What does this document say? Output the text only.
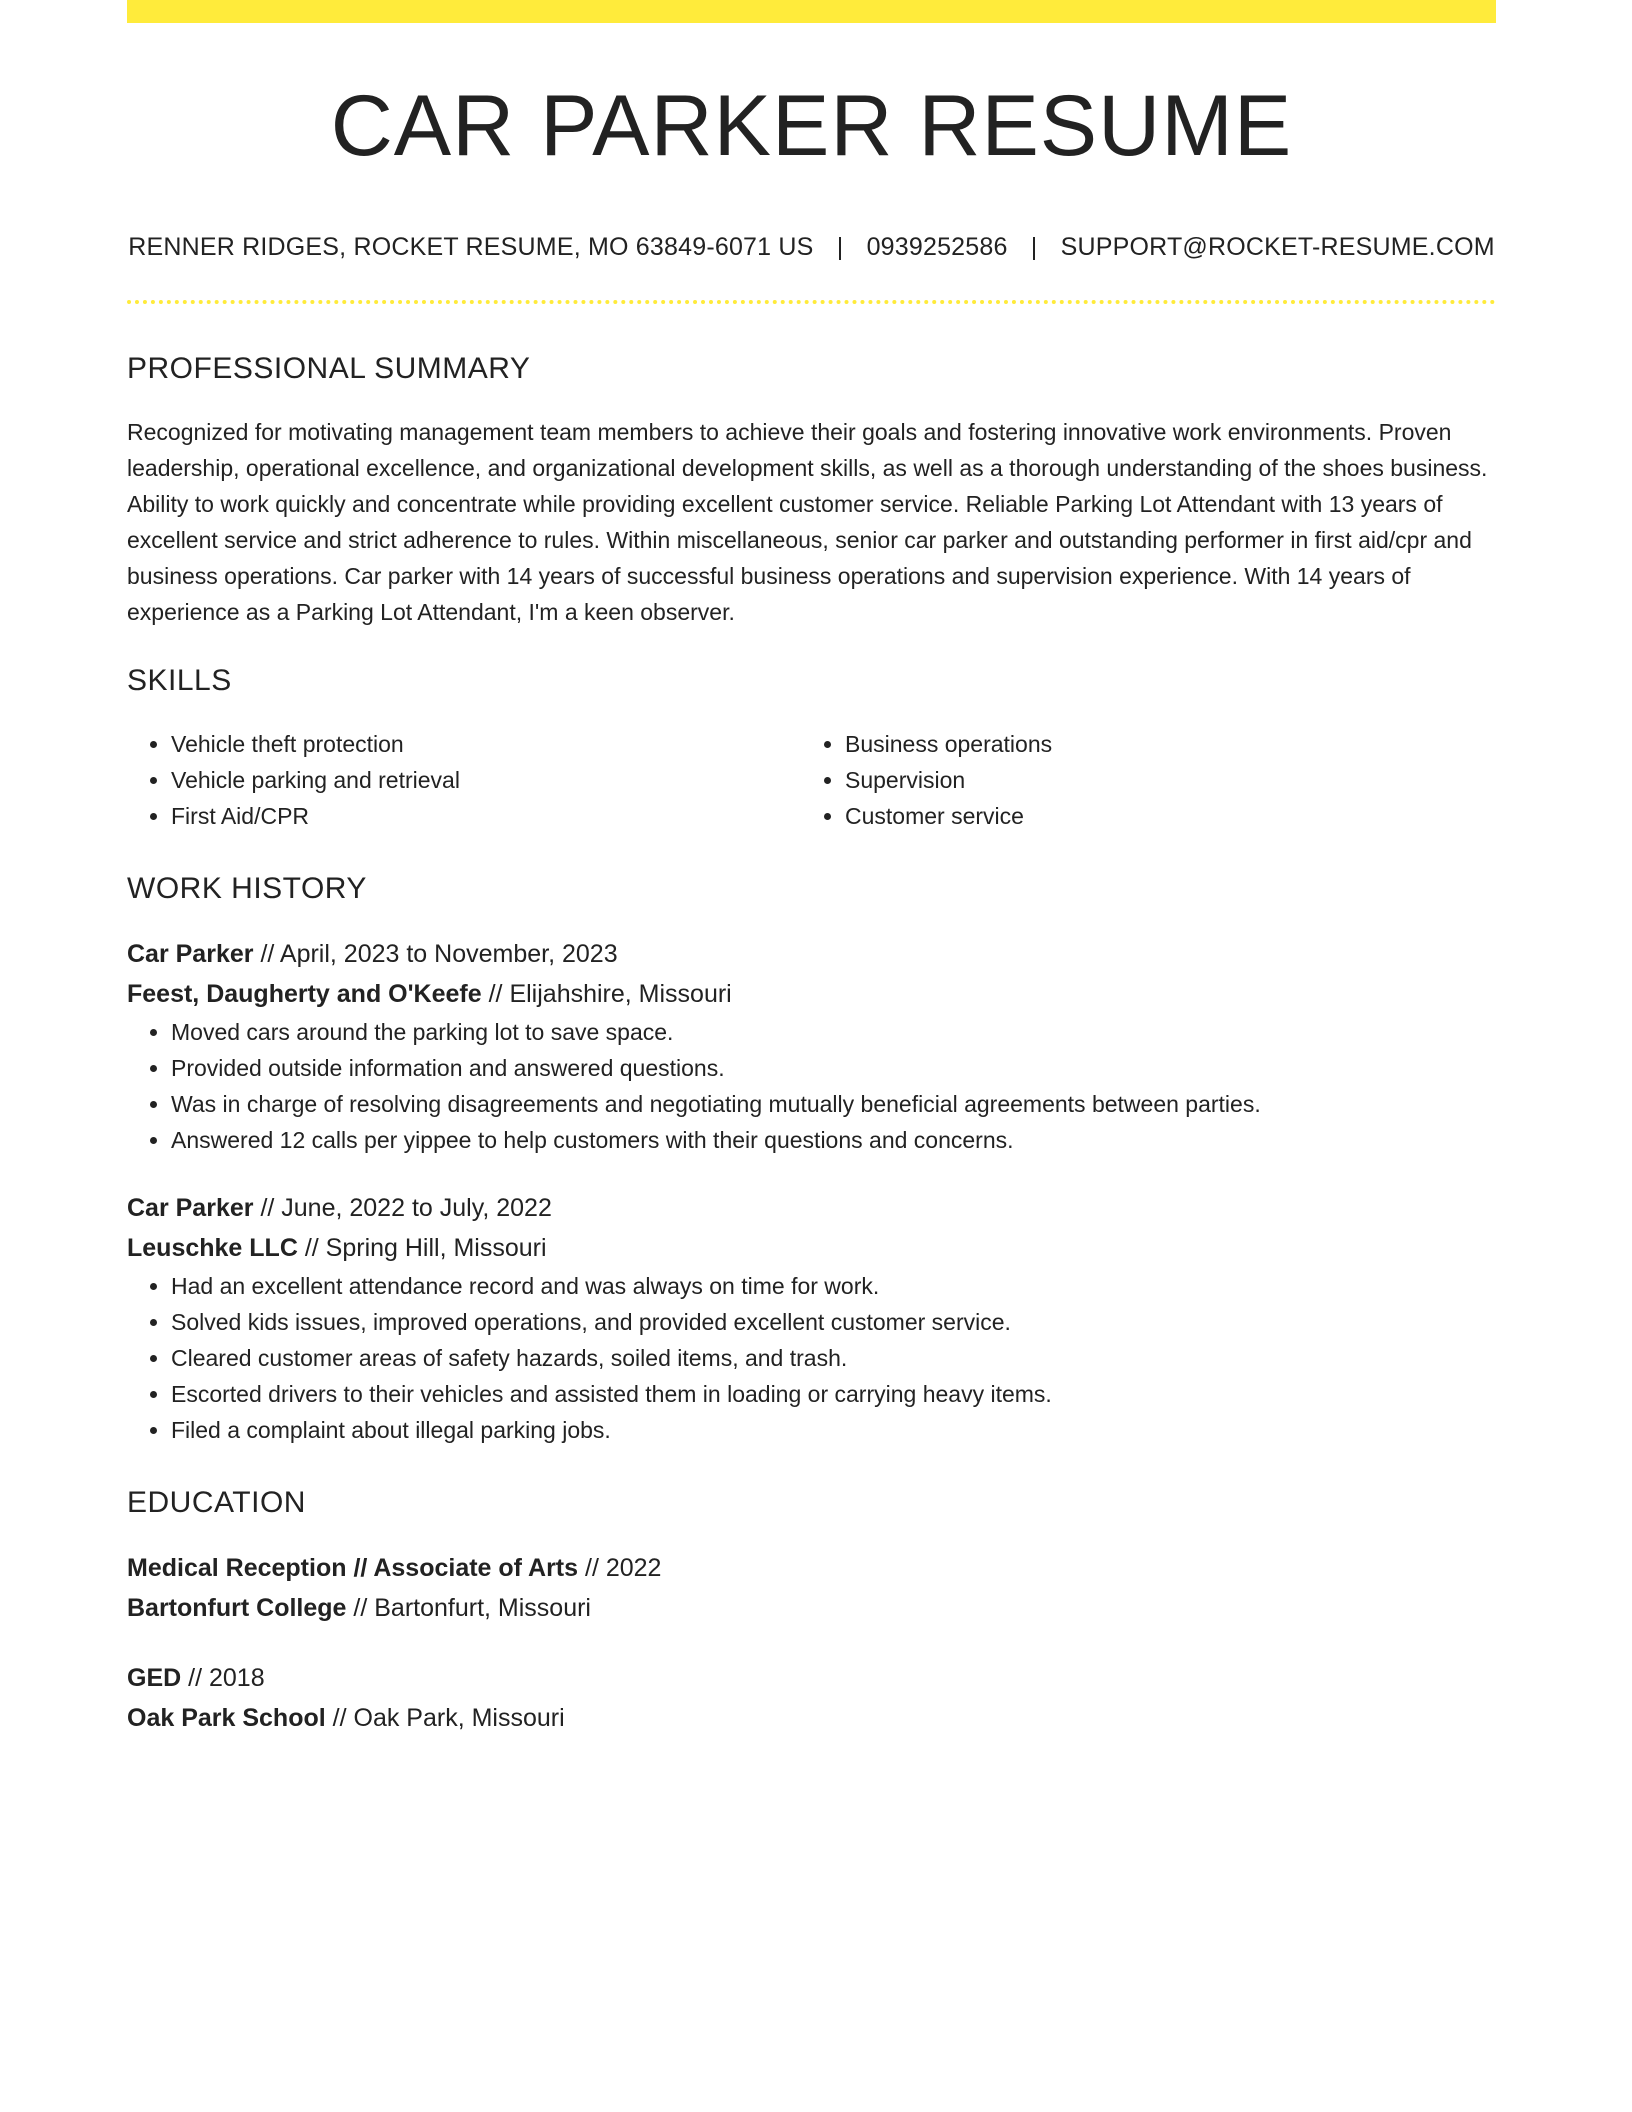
CAR PARKER RESUME
RENNER RIDGES, ROCKET RESUME, MO 63849-6071 US | 0939252586 | SUPPORT@ROCKET-RESUME.COM
PROFESSIONAL SUMMARY

Recognized for motivating management team members to achieve their goals and fostering innovative work environments. Proven leadership, operational excellence, and organizational development skills, as well as a thorough understanding of the shoes business. Ability to work quickly and concentrate while providing excellent customer service. Reliable Parking Lot Attendant with 13 years of excellent service and strict adherence to rules. Within miscellaneous, senior car parker and outstanding performer in first aid/cpr and business operations. Car parker with 14 years of successful business operations and supervision experience. With 14 years of experience as a Parking Lot Attendant, I'm a keen observer.

SKILLS
• Vehicle theft protection
• Vehicle parking and retrieval
• First Aid/CPR
• Business operations
• Supervision
• Customer service
WORK HISTORY
Car Parker // April, 2023 to November, 2023
Feest, Daugherty and O'Keefe // Elijahshire, Missouri
• Moved cars around the parking lot to save space.
• Provided outside information and answered questions.
• Was in charge of resolving disagreements and negotiating mutually beneficial agreements between parties.
• Answered 12 calls per yippee to help customers with their questions and concerns.
Car Parker // June, 2022 to July, 2022
Leuschke LLC // Spring Hill, Missouri
• Had an excellent attendance record and was always on time for work.
• Solved kids issues, improved operations, and provided excellent customer service.
• Cleared customer areas of safety hazards, soiled items, and trash.
• Escorted drivers to their vehicles and assisted them in loading or carrying heavy items.
• Filed a complaint about illegal parking jobs.
EDUCATION
Medical Reception // Associate of Arts // 2022
Bartonfurt College // Bartonfurt, Missouri
GED // 2018
Oak Park School // Oak Park, Missouri
